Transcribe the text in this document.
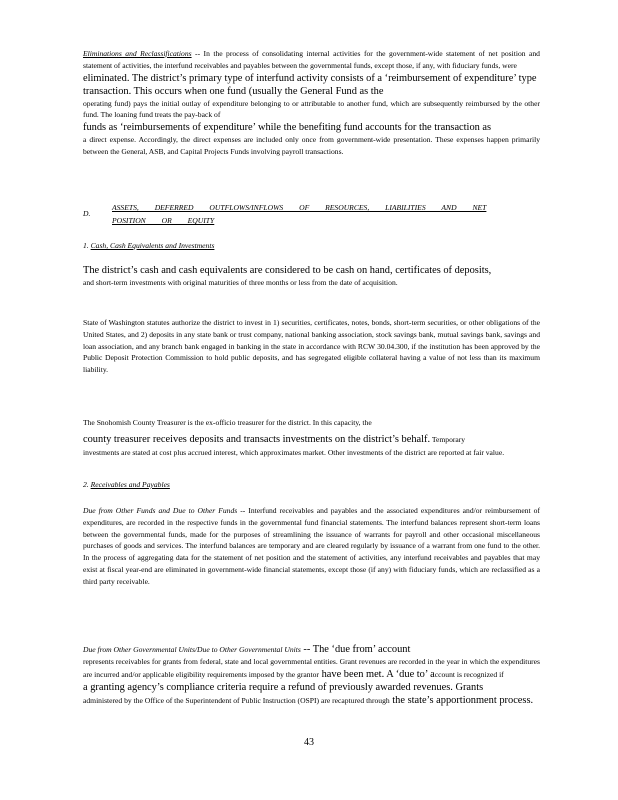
Eliminations and Reclassifications -- In the process of consolidating internal activities for the government-wide statement of net position and statement of activities, the interfund receivables and payables between the governmental funds, except those, if any, with fiduciary funds, were
eliminated. The district’s primary type of interfund activity consists of a ‘reimbursement of expenditure’ type transaction. This occurs when one fund (usually the General Fund as the
operating fund) pays the initial outlay of expenditure belonging to or attributable to another fund, which are subsequently reimbursed by the other fund. The loaning fund treats the pay-back of
funds as ‘reimbursements of expenditure’ while the benefiting fund accounts for the transaction as
a direct expense. Accordingly, the direct expenses are included only once from government-wide presentation. These expenses happen primarily between the General, ASB, and Capital Projects Funds involving payroll transactions.
D.
ASSETS, DEFERRED OUTFLOWS/INFLOWS OF RESOURCES, LIABILITIES AND NET POSITION OR EQUITY
1. Cash, Cash Equivalents and Investments
The district’s cash and cash equivalents are considered to be cash on hand, certificates of deposits,
and short-term investments with original maturities of three months or less from the date of acquisition.
State of Washington statutes authorize the district to invest in 1) securities, certificates, notes, bonds, short-term securities, or other obligations of the United States, and 2) deposits in any state bank or trust company, national banking association, stock savings bank, mutual savings bank, savings and loan association, and any branch bank engaged in banking in the state in accordance with RCW 30.04.300, if the institution has been approved by the Public Deposit Protection Commission to hold public deposits, and has segregated eligible collateral having a value of not less than its maximum liability.
The Snohomish County Treasurer is the ex-officio treasurer for the district. In this capacity, the
county treasurer receives deposits and transacts investments on the district’s behalf. Temporary
investments are stated at cost plus accrued interest, which approximates market. Other investments of the district are reported at fair value.
2. Receivables and Payables
Due from Other Funds and Due to Other Funds -- Interfund receivables and payables and the associated expenditures and/or reimbursement of expenditures, are recorded in the respective funds in the governmental fund financial statements. The interfund balances represent short-term loans between the governmental funds, made for the purposes of streamlining the issuance of warrants for payroll and other occasional miscellaneous purchases of goods and services. The interfund balances are temporary and are cleared regularly by issuance of a warrant from one fund to the other. In the process of aggregating data for the statement of net position and the statement of activities, any interfund receivables and payables that may exist at fiscal year-end are eliminated in government-wide financial statements, except those (if any) with fiduciary funds, which are reclassified as a third party receivable.
Due from Other Governmental Units/Due to Other Governmental Units -- The ‘due from’ account
represents receivables for grants from federal, state and local governmental entities. Grant revenues are recorded in the year in which the expenditures are incurred and/or applicable eligibility requirements imposed by the grantor have been met. A ‘due to’ account is recognized if
a granting agency’s compliance criteria require a refund of previously awarded revenues. Grants
administered by the Office of the Superintendent of Public Instruction (OSPI) are recaptured through the state’s apportionment process.
43
